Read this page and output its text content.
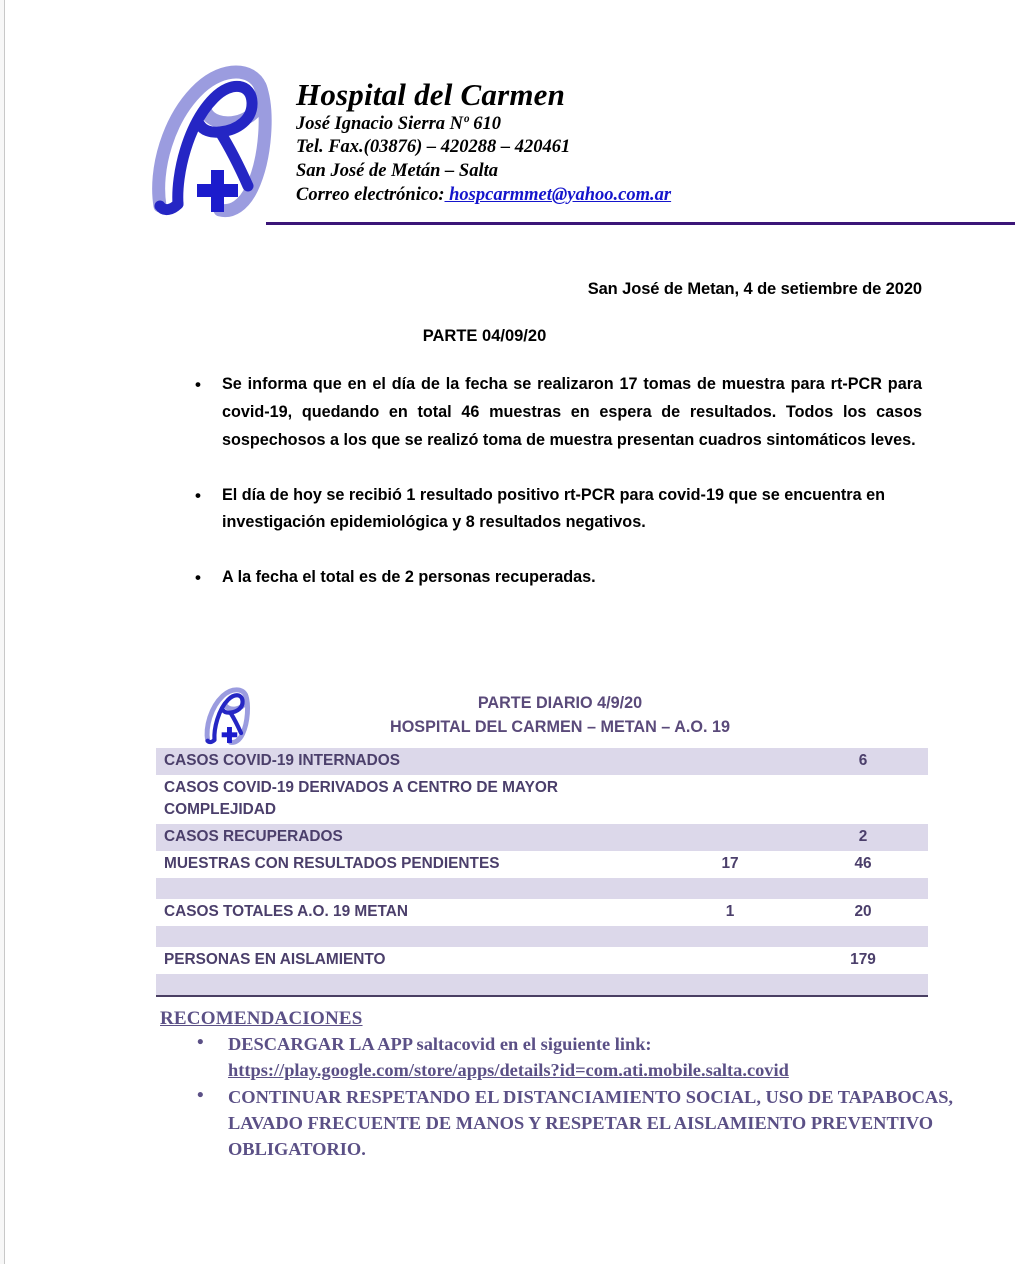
Hospital del Carmen
José Ignacio Sierra Nº 610
Tel. Fax.(03876) – 420288 – 420461
San José de Metán – Salta
Correo electrónico: hospcarmmet@yahoo.com.ar
San José de Metan, 4 de setiembre de 2020
PARTE 04/09/20
• Se informa que en el día de la fecha se realizaron 17 tomas de muestra para rt-PCR para covid-19, quedando en total 46 muestras en espera de resultados. Todos los casos sospechosos a los que se realizó toma de muestra presentan cuadros sintomáticos leves.
• El día de hoy se recibió 1 resultado positivo rt-PCR para covid-19 que se encuentra en investigación epidemiológica y 8 resultados negativos.
• A la fecha el total es de 2 personas recuperadas.
PARTE DIARIO 4/9/20
HOSPITAL DEL CARMEN – METAN – A.O. 19
CASOS COVID-19 INTERNADOS		6
CASOS COVID-19 DERIVADOS A CENTRO DE MAYOR COMPLEJIDAD		
CASOS RECUPERADOS		2
MUESTRAS CON RESULTADOS PENDIENTES	17	46

CASOS TOTALES A.O. 19 METAN	1	20

PERSONAS EN AISLAMIENTO		179

RECOMENDACIONES
• DESCARGAR LA APP saltacovid en el siguiente link:
https://play.google.com/store/apps/details?id=com.ati.mobile.salta.covid
• CONTINUAR RESPETANDO EL DISTANCIAMIENTO SOCIAL, USO DE TAPABOCAS, LAVADO FRECUENTE DE MANOS Y RESPETAR EL AISLAMIENTO PREVENTIVO OBLIGATORIO.
